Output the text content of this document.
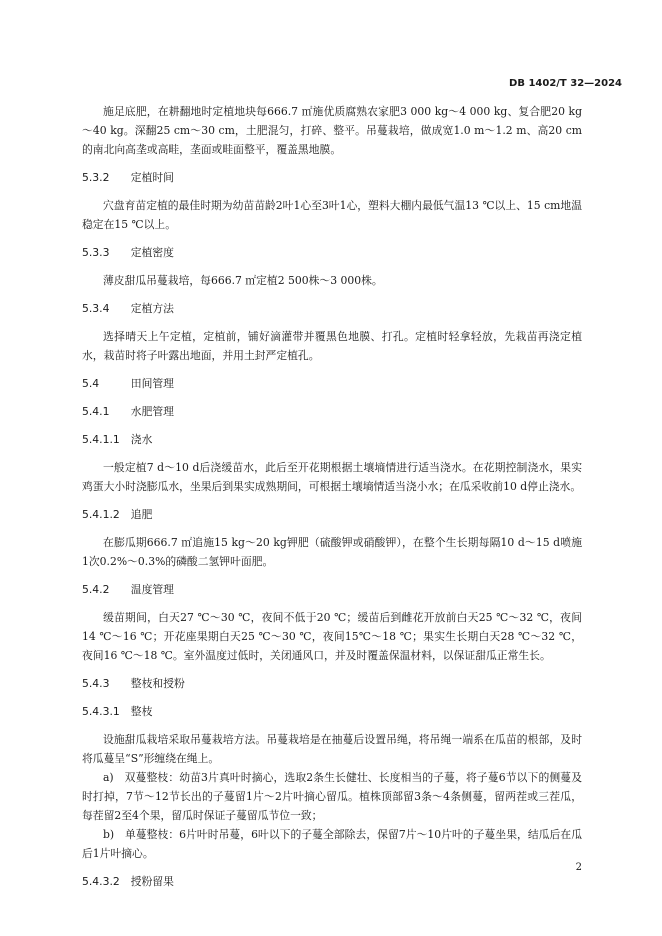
DB 1402/T 32—2024

施足底肥，在耕翻地时定植地块每666.7 ㎡施优质腐熟农家肥3 000 kg～4 000 kg、复合肥20 kg～40 kg。深翻25 cm～30 cm，土肥混匀，打碎、整平。吊蔓栽培，做成宽1.0 m～1.2 m、高20 cm的南北向高垄或高畦，垄面或畦面整平，覆盖黑地膜。

5.3.2　 定植时间

穴盘育苗定植的最佳时期为幼苗苗龄2叶1心至3叶1心，塑料大棚内最低气温13 ℃以上、15 cm地温稳定在15 ℃以上。

5.3.3　 定植密度

薄皮甜瓜吊蔓栽培，每666.7 ㎡定植2 500株～3 000株。

5.3.4　 定植方法

选择晴天上午定植，定植前，铺好滴灌带并覆黑色地膜、打孔。定植时轻拿轻放，先栽苗再浇定植水，栽苗时将子叶露出地面，并用土封严定植孔。

5.4　	田间管理
5.4.1　 水肥管理
5.4.1.1　 浇水

一般定植7 d～10 d后浇缓苗水，此后至开花期根据土壤墒情进行适当浇水。在花期控制浇水，果实鸡蛋大小时浇膨瓜水，坐果后到果实成熟期间，可根据土壤墒情适当浇小水；在瓜采收前10 d停止浇水。

5.4.1.2　 追肥

在膨瓜期666.7 ㎡追施15 kg～20 kg钾肥（硫酸钾或硝酸钾），在整个生长期每隔10 d～15 d喷施1次0.2%～0.3%的磷酸二氢钾叶面肥。

5.4.2　 温度管理

缓苗期间，白天27 ℃～30 ℃，夜间不低于20 ℃；缓苗后到雌花开放前白天25 ℃～32 ℃，夜间14 ℃～16 ℃；开花座果期白天25 ℃～30 ℃，夜间15℃～18 ℃；果实生长期白天28 ℃～32 ℃，夜间16 ℃～18 ℃。室外温度过低时，关闭通风口，并及时覆盖保温材料，以保证甜瓜正常生长。

5.4.3　 整枝和授粉
5.4.3.1　 整枝

设施甜瓜栽培采取吊蔓栽培方法。吊蔓栽培是在抽蔓后设置吊绳，将吊绳一端系在瓜苗的根部，及时将瓜蔓呈“S”形缠绕在绳上。

a)　双蔓整枝：幼苗3片真叶时摘心，选取2条生长健壮、长度相当的子蔓，将子蔓6节以下的侧蔓及时打掉，7节～12节长出的子蔓留1片～2片叶摘心留瓜。植株顶部留3条～4条侧蔓，留两茬或三茬瓜，每茬留2至4个果，留瓜时保证子蔓留瓜节位一致；

b)　单蔓整枝：6片叶时吊蔓，6叶以下的子蔓全部除去，保留7片～10片叶的子蔓坐果，结瓜后在瓜后1片叶摘心。

5.4.3.2　 授粉留果
2
